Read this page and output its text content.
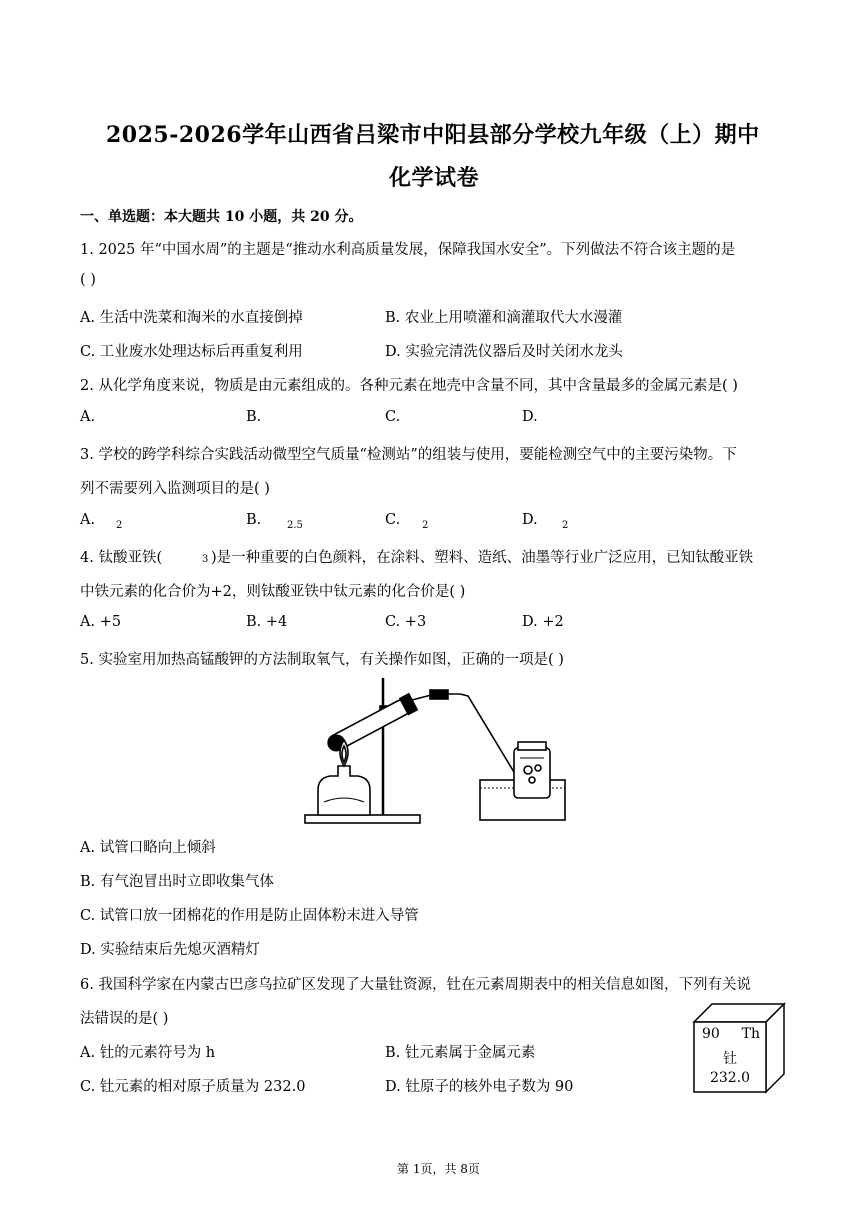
2025-2026学年山西省吕梁市中阳县部分学校九年级（上）期中
化学试卷
一、单选题：本大题共 10 小题，共 20 分。
1. 2025 年“中国水周”的主题是“推动水利高质量发展，保障我国水安全”。下列做法不符合该主题的是
( )
A. 生活中洗菜和淘米的水直接倒掉	B. 农业上用喷灌和滴灌取代大水漫灌
C. 工业废水处理达标后再重复利用	D. 实验完清洗仪器后及时关闭水龙头
2. 从化学角度来说，物质是由元素组成的。各种元素在地壳中含量不同，其中含量最多的金属元素是( )
A.	B.	C.	D.
3. 学校的跨学科综合实践活动微型空气质量“检测站”的组装与使用，要能检测空气中的主要污染物。下
列不需要列入监测项目的是( )
A. 2	B.	2.5	C. 2	D. 2
4. 钛酸亚铁(	3 )是一种重要的白色颜料，在涂料、塑料、造纸、油墨等行业广泛应用，已知钛酸亚铁
中铁元素的化合价为+2，则钛酸亚铁中钛元素的化合价是( )
A. +5	B. +4	C. +3	D. +2
5. 实验室用加热高锰酸钾的方法制取氧气，有关操作如图，正确的一项是( )
A. 试管口略向上倾斜
B. 有气泡冒出时立即收集气体
C. 试管口放一团棉花的作用是防止固体粉末进入导管
D. 实验结束后先熄灭酒精灯
6. 我国科学家在内蒙古巴彦乌拉矿区发现了大量钍资源，钍在元素周期表中的相关信息如图，下列有关说
法错误的是( )
A. 钍的元素符号为 h	B. 钍元素属于金属元素
C. 钍元素的相对原子质量为 232.0	D. 钍原子的核外电子数为 90
90 Th
钍
232.0
第 1页，共 8页
